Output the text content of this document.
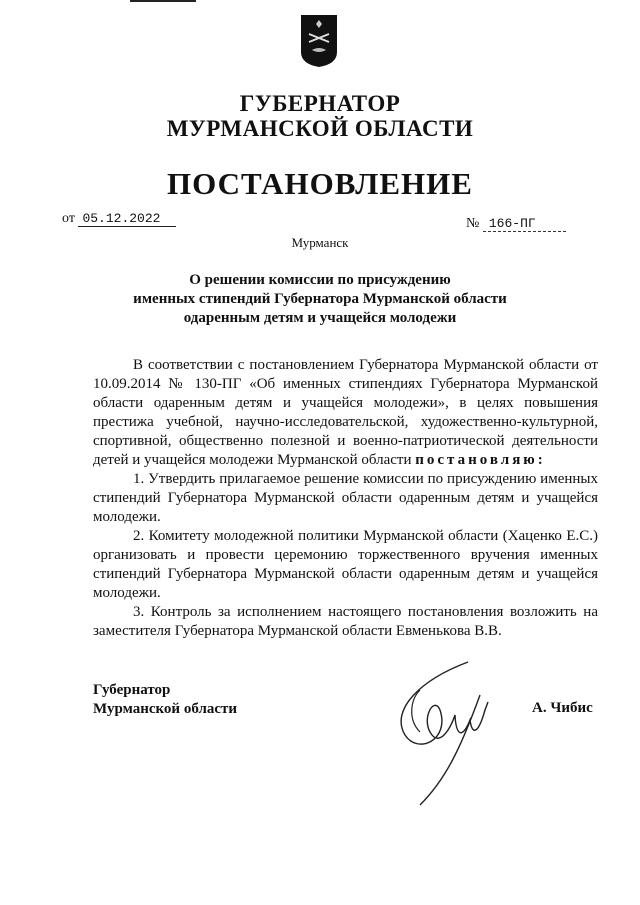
ГУБЕРНАТОР
МУРМАНСКОЙ ОБЛАСТИ
ПОСТАНОВЛЕНИЕ
от 05.12.2022	№ 166-ПГ
Мурманск
О решении комиссии по присуждению
именных стипендий Губернатора Мурманской области
одаренным детям и учащейся молодежи

В соответствии с постановлением Губернатора Мурманской области от 10.09.2014 № 130-ПГ «Об именных стипендиях Губернатора Мурманской области одаренным детям и учащейся молодежи», в целях повышения престижа учебной, научно-исследовательской, художественно-культурной, спортивной, общественно полезной и военно-патриотической деятельности детей и учащейся молодежи Мурманской области постановляю:

1. Утвердить прилагаемое решение комиссии по присуждению именных стипендий Губернатора Мурманской области одаренным детям и учащейся молодежи.

2. Комитету молодежной политики Мурманской области (Хаценко Е.С.) организовать и провести церемонию торжественного вручения именных стипендий Губернатора Мурманской области одаренным детям и учащейся молодежи.

3. Контроль за исполнением настоящего постановления возложить на заместителя Губернатора Мурманской области Евменькова В.В.

Губернатор
Мурманской области	А. Чибис
